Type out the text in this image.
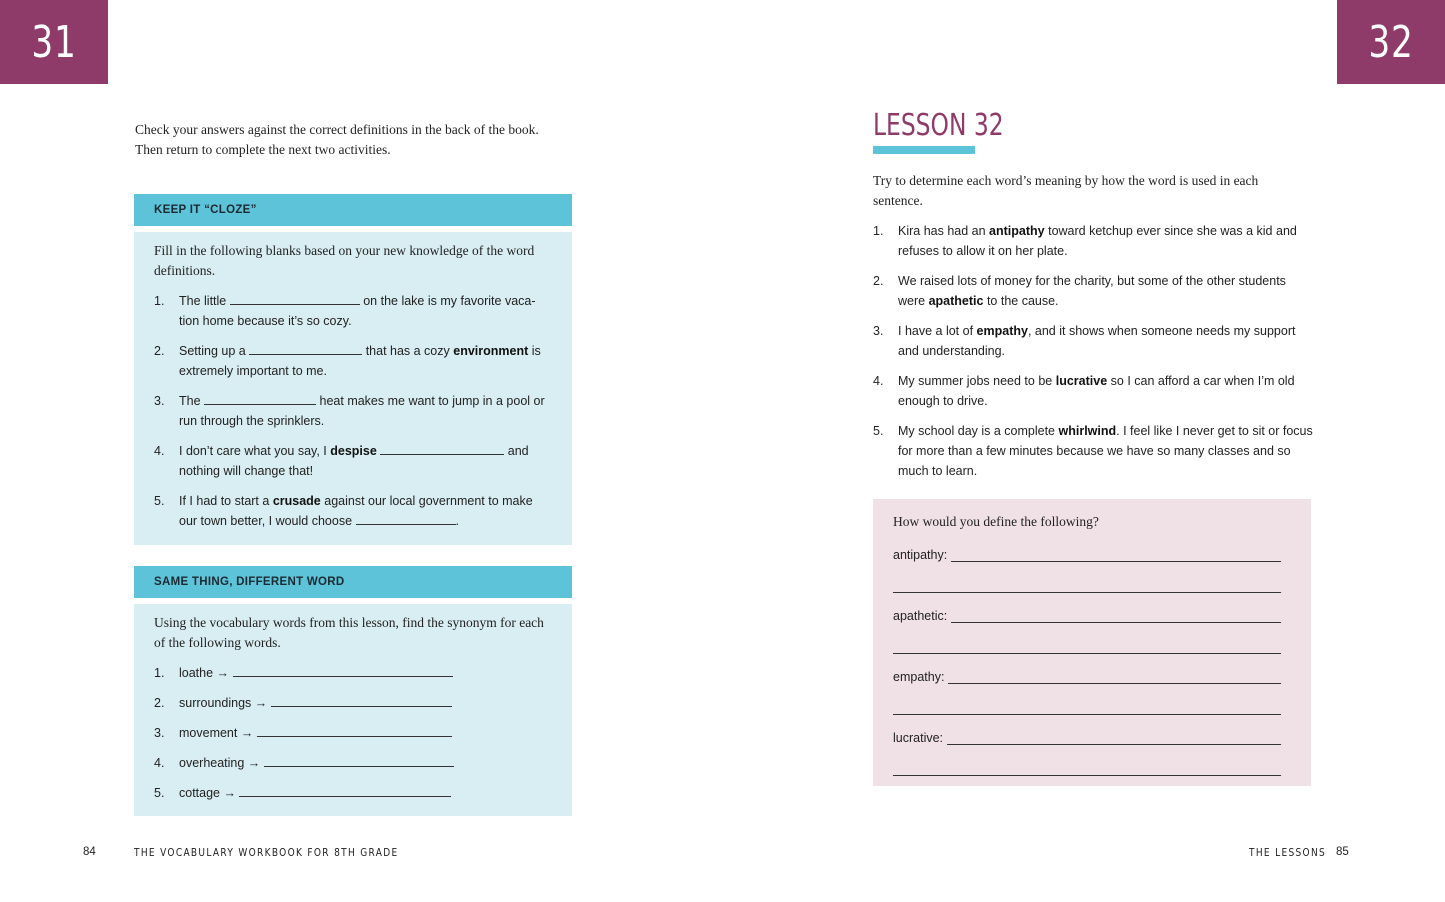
31
Check your answers against the correct definitions in the back of the book.
Then return to complete the next two activities.
KEEP IT “CLOZE”
Fill in the following blanks based on your new knowledge of the word definitions.
1. The little	on the lake is my favorite vaca-
tion home because it’s so cozy.
2. Setting up a	that has a cozy environment is
extremely important to me.
3. The	heat makes me want to jump in a pool or
run through the sprinklers.
4. I don’t care what you say, I despise	and
nothing will change that!
5. If I had to start a crusade against our local government to make
our town better, I would choose	.
SAME THING, DIFFERENT WORD
Using the vocabulary words from this lesson, find the synonym for each of the following words.
1. loathe →
2. surroundings →
3. movement →
4. overheating →
5. cottage →
84	THE VOCABULARY WORKBOOK FOR 8TH GRADE
32
LESSON 32
Try to determine each word’s meaning by how the word is used in each sentence.
1. Kira has had an antipathy toward ketchup ever since she was a kid and refuses to allow it on her plate.
2. We raised lots of money for the charity, but some of the other students were apathetic to the cause.
3. I have a lot of empathy, and it shows when someone needs my support and understanding.
4. My summer jobs need to be lucrative so I can afford a car when I’m old enough to drive.
5. My school day is a complete whirlwind. I feel like I never get to sit or focus for more than a few minutes because we have so many classes and so much to learn.
How would you define the following?
antipathy:
apathetic:
empathy:
lucrative:
THE LESSONS 85
